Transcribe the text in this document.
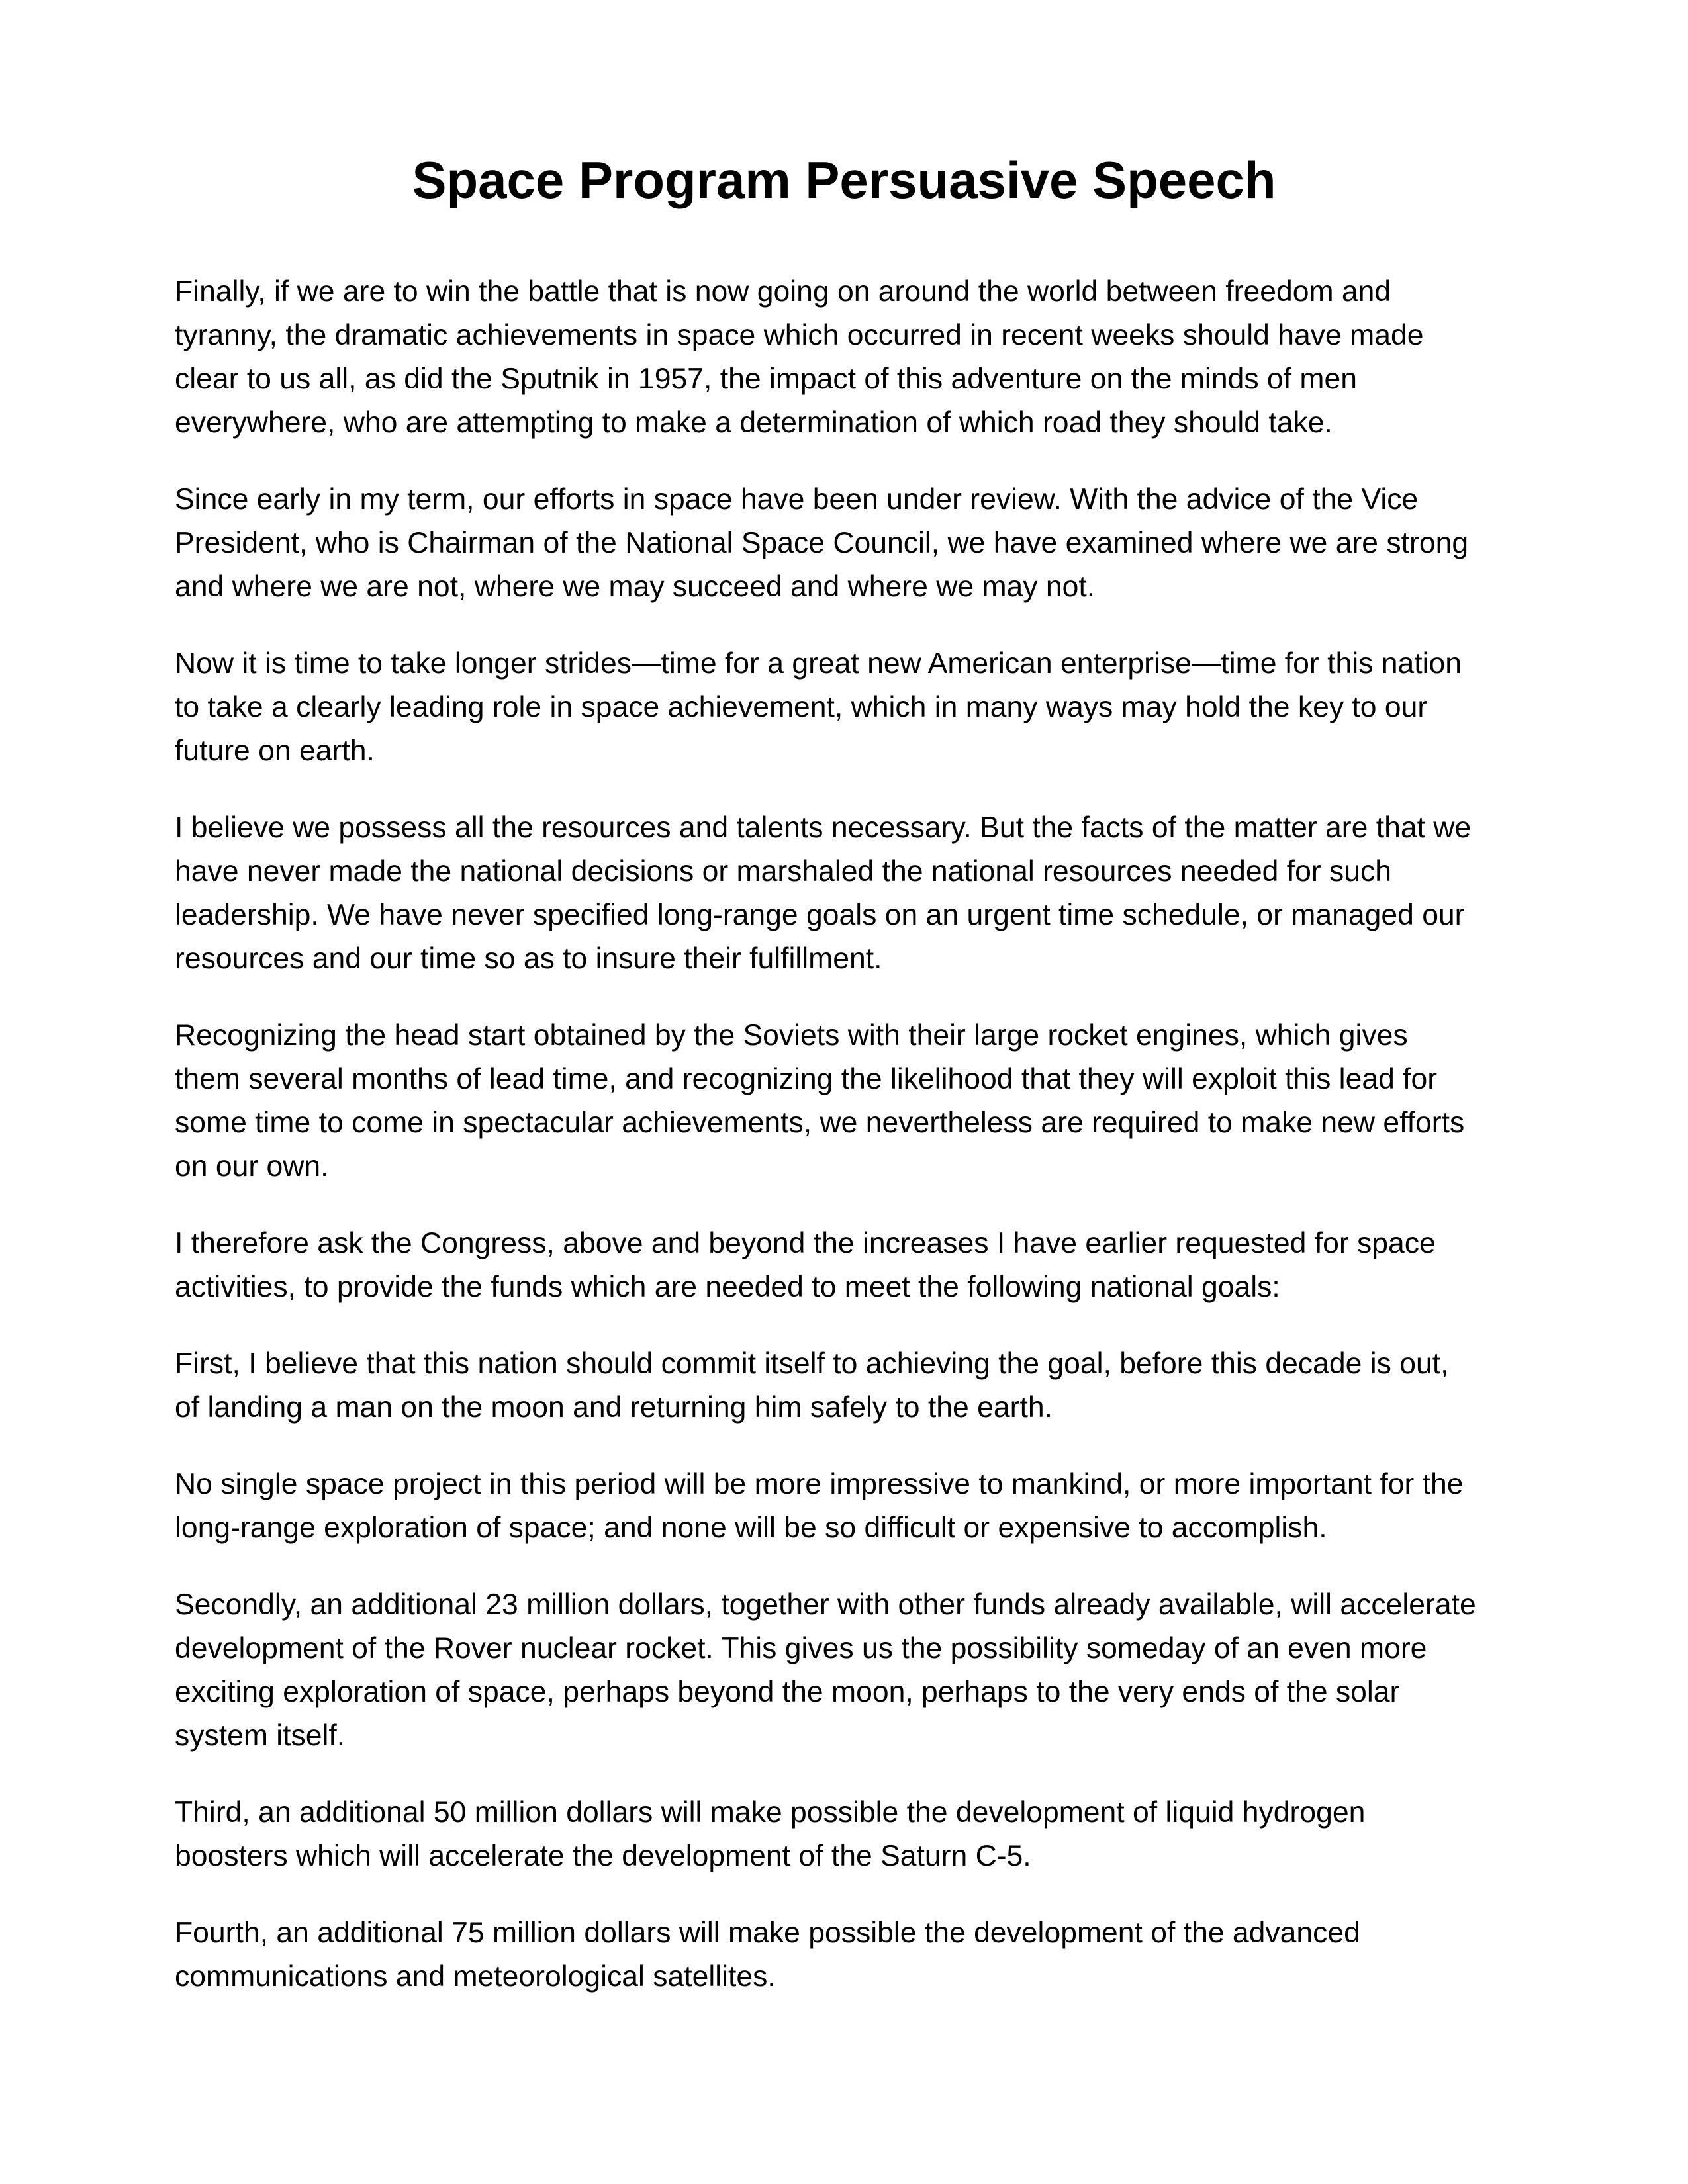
Space Program Persuasive Speech

Finally, if we are to win the battle that is now going on around the world between freedom and
tyranny, the dramatic achievements in space which occurred in recent weeks should have made
clear to us all, as did the Sputnik in 1957, the impact of this adventure on the minds of men
everywhere, who are attempting to make a determination of which road they should take.

Since early in my term, our efforts in space have been under review. With the advice of the Vice
President, who is Chairman of the National Space Council, we have examined where we are strong
and where we are not, where we may succeed and where we may not.

Now it is time to take longer strides—time for a great new American enterprise—time for this nation
to take a clearly leading role in space achievement, which in many ways may hold the key to our
future on earth.

I believe we possess all the resources and talents necessary. But the facts of the matter are that we
have never made the national decisions or marshaled the national resources needed for such
leadership. We have never specified long-range goals on an urgent time schedule, or managed our
resources and our time so as to insure their fulfillment.

Recognizing the head start obtained by the Soviets with their large rocket engines, which gives
them several months of lead time, and recognizing the likelihood that they will exploit this lead for
some time to come in spectacular achievements, we nevertheless are required to make new efforts
on our own.

I therefore ask the Congress, above and beyond the increases I have earlier requested for space
activities, to provide the funds which are needed to meet the following national goals:

First, I believe that this nation should commit itself to achieving the goal, before this decade is out,
of landing a man on the moon and returning him safely to the earth.

No single space project in this period will be more impressive to mankind, or more important for the
long-range exploration of space; and none will be so difficult or expensive to accomplish.

Secondly, an additional 23 million dollars, together with other funds already available, will accelerate
development of the Rover nuclear rocket. This gives us the possibility someday of an even more
exciting exploration of space, perhaps beyond the moon, perhaps to the very ends of the solar
system itself.

Third, an additional 50 million dollars will make possible the development of liquid hydrogen
boosters which will accelerate the development of the Saturn C-5.

Fourth, an additional 75 million dollars will make possible the development of the advanced
communications and meteorological satellites.
